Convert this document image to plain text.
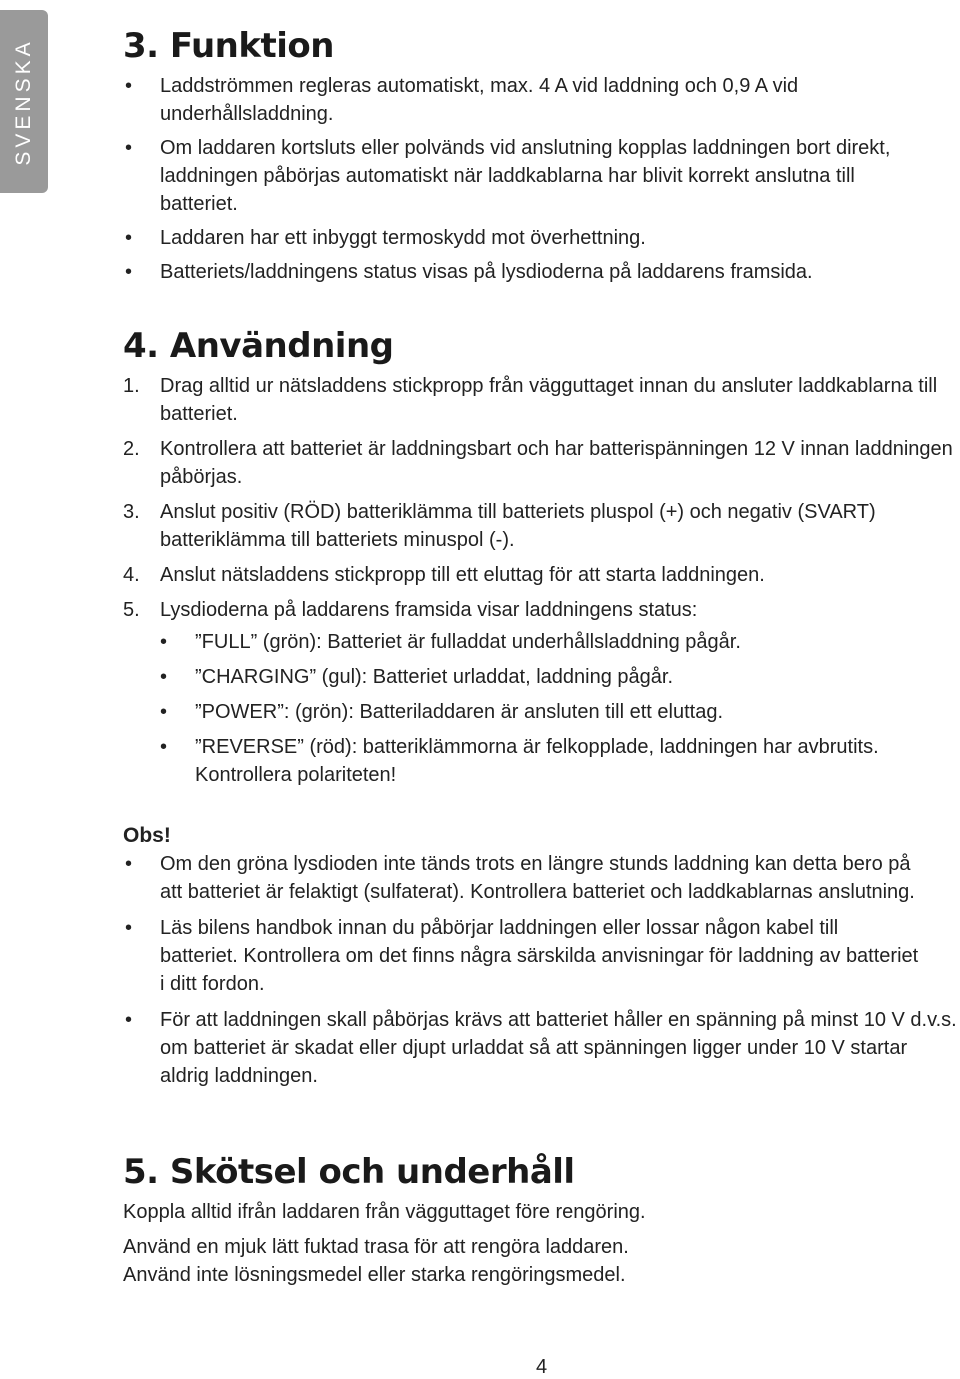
SVENSKA	3. Funktion
• Laddströmmen regleras automatiskt, max. 4 A vid laddning och 0,9 A vid underhållsladdning.
• Om laddaren kortsluts eller polvänds vid anslutning kopplas laddningen bort direkt, laddningen påbörjas automatiskt när laddkablarna har blivit korrekt anslutna till batteriet.
• Laddaren har ett inbyggt termoskydd mot överhettning.
• Batteriets/laddningens status visas på lysdioderna på laddarens framsida.
4. Användning
1. Drag alltid ur nätsladdens stickpropp från vägguttaget innan du ansluter laddkablarna till batteriet.
2. Kontrollera att batteriet är laddningsbart och har batterispänningen 12 V innan laddningen påbörjas.
3. Anslut positiv (RÖD) batteriklämma till batteriets pluspol (+) och negativ (SVART) batteriklämma till batteriets minuspol (-).
4. Anslut nätsladdens stickpropp till ett eluttag för att starta laddningen.
5. Lysdioderna på laddarens framsida visar laddningens status:
• ”FULL” (grön): Batteriet är fulladdat underhållsladdning pågår.
• ”CHARGING” (gul): Batteriet urladdat, laddning pågår.
• ”POWER”: (grön): Batteriladdaren är ansluten till ett eluttag.
• ”REVERSE” (röd): batteriklämmorna är felkopplade, laddningen har avbrutits. Kontrollera polariteten!
Obs!
• Om den gröna lysdioden inte tänds trots en längre stunds laddning kan detta bero på att batteriet är felaktigt (sulfaterat). Kontrollera batteriet och laddkablarnas anslutning.
• Läs bilens handbok innan du påbörjar laddningen eller lossar någon kabel till batteriet. Kontrollera om det finns några särskilda anvisningar för laddning av batteriet i ditt fordon.
• För att laddningen skall påbörjas krävs att batteriet håller en spänning på minst 10 V d.v.s. om batteriet är skadat eller djupt urladdat så att spänningen ligger under 10 V startar aldrig laddningen.
5. Skötsel och underhåll

Koppla alltid ifrån laddaren från vägguttaget före rengöring.

Använd en mjuk lätt fuktad trasa för att rengöra laddaren.

Använd inte lösningsmedel eller starka rengöringsmedel.

4
